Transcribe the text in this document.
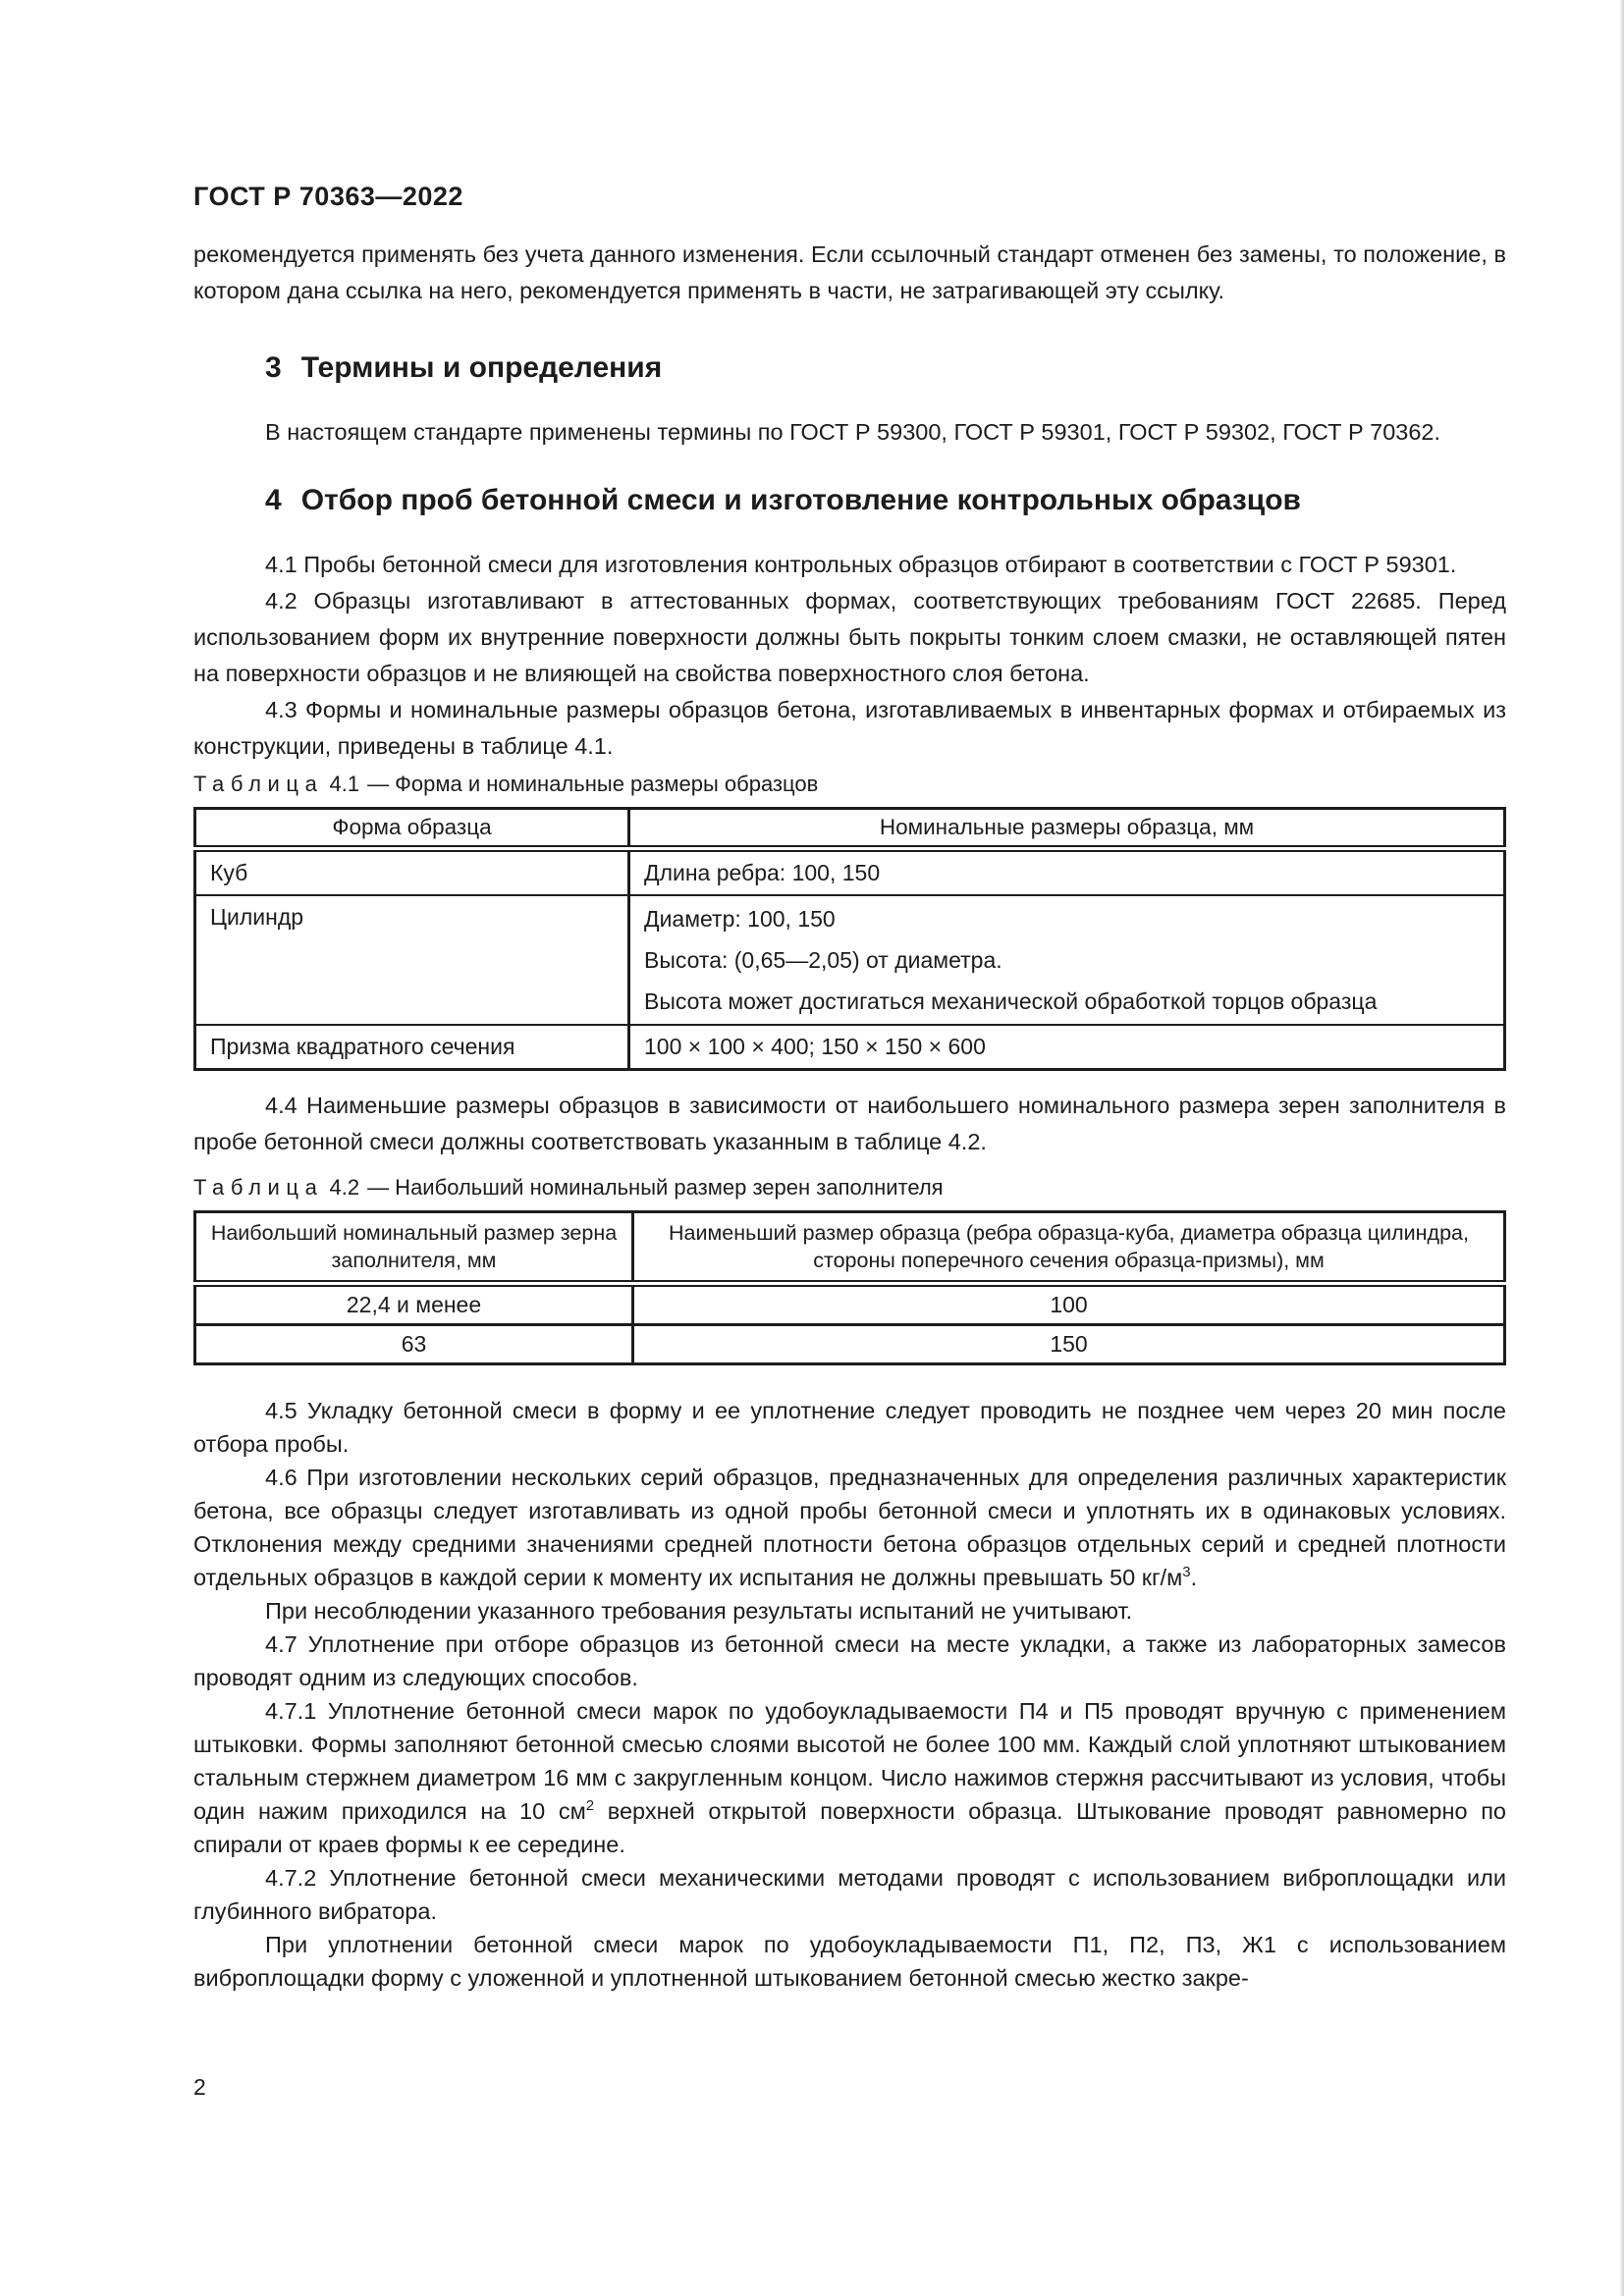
ГОСТ Р 70363—2022

рекомендуется применять без учета данного изменения. Если ссылочный стандарт отменен без замены, то положение, в котором дана ссылка на него, рекомендуется применять в части, не затрагивающей эту ссылку.

3 Термины и определения

В настоящем стандарте применены термины по ГОСТ Р 59300, ГОСТ Р 59301, ГОСТ Р 59302, ГОСТ Р 70362.

4 Отбор проб бетонной смеси и изготовление контрольных образцов

4.1 Пробы бетонной смеси для изготовления контрольных образцов отбирают в соответствии с ГОСТ Р 59301.

4.2 Образцы изготавливают в аттестованных формах, соответствующих требованиям ГОСТ 22685. Перед использованием форм их внутренние поверхности должны быть покрыты тонким слоем смазки, не оставляющей пятен на поверхности образцов и не влияющей на свойства поверхностного слоя бетона.

4.3 Формы и номинальные размеры образцов бетона, изготавливаемых в инвентарных формах и отбираемых из конструкции, приведены в таблице 4.1.

Таблица 4.1 — Форма и номинальные размеры образцов
Форма образца	Номинальные размеры образца, мм

Куб	Длина ребра: 100, 150

Цилиндр	Диаметр: 100, 150
Высота: (0,65—2,05) от диаметра.
Высота может достигаться механической обработкой торцов образца

Призма квадратного сечения	100 × 100 × 400; 150 × 150 × 600

4.4 Наименьшие размеры образцов в зависимости от наибольшего номинального размера зерен заполнителя в пробе бетонной смеси должны соответствовать указанным в таблице 4.2.

Таблица 4.2 — Наибольший номинальный размер зерен заполнителя
Наибольший номинальный размер зерна заполнителя, мм	Наименьший размер образца (ребра образца-куба, диаметра образца цилиндра, стороны поперечного сечения образца-призмы), мм
22,4 и менее	100
63	150

4.5 Укладку бетонной смеси в форму и ее уплотнение следует проводить не позднее чем через 20 мин после отбора пробы.

4.6 При изготовлении нескольких серий образцов, предназначенных для определения различных характеристик бетона, все образцы следует изготавливать из одной пробы бетонной смеси и уплотнять их в одинаковых условиях. Отклонения между средними значениями средней плотности бетона образцов отдельных серий и средней плотности отдельных образцов в каждой серии к моменту их испытания не должны превышать 50 $кг/м^3$.

При несоблюдении указанного требования результаты испытаний не учитывают.

4.7 Уплотнение при отборе образцов из бетонной смеси на месте укладки, а также из лабораторных замесов проводят одним из следующих способов.

4.7.1 Уплотнение бетонной смеси марок по удобоукладываемости П4 и П5 проводят вручную с применением штыковки. Формы заполняют бетонной смесью слоями высотой не более 100 мм. Каждый слой уплотняют штыкованием стальным стержнем диаметром 16 мм с закругленным концом. Число нажимов стержня рассчитывают из условия, чтобы один нажим приходился на 10 $см^2$ верхней открытой поверхности образца. Штыкование проводят равномерно по спирали от краев формы к ее середине.

4.7.2 Уплотнение бетонной смеси механическими методами проводят с использованием виброплощадки или глубинного вибратора.

При уплотнении бетонной смеси марок по удобоукладываемости П1, П2, П3, Ж1 с использованием виброплощадки форму с уложенной и уплотненной штыкованием бетонной смесью жестко закре-

2
